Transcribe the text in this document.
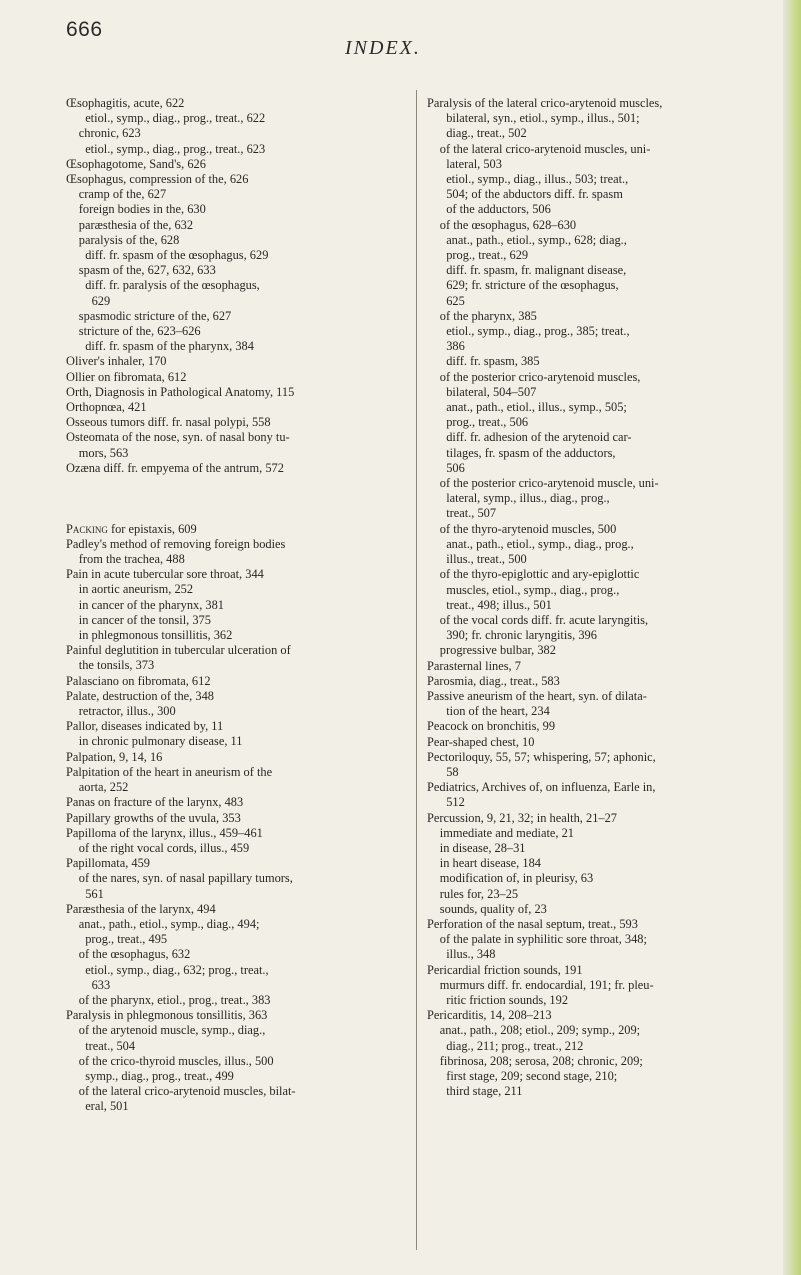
666
INDEX.
Œsophagitis, acute, 622
etiol., symp., diag., prog., treat., 622
chronic, 623
etiol., symp., diag., prog., treat., 623
Œsophagotome, Sand's, 626
Œsophagus, compression of the, 626
cramp of the, 627
foreign bodies in the, 630
paræsthesia of the, 632
paralysis of the, 628
diff. fr. spasm of the œsophagus, 629
spasm of the, 627, 632, 633
diff. fr. paralysis of the œsophagus,
629
spasmodic stricture of the, 627
stricture of the, 623–626
diff. fr. spasm of the pharynx, 384
Oliver's inhaler, 170
Ollier on fibromata, 612
Orth, Diagnosis in Pathological Anatomy, 115
Orthopnœa, 421
Osseous tumors diff. fr. nasal polypi, 558
Osteomata of the nose, syn. of nasal bony tu-
mors, 563
Ozæna diff. fr. empyema of the antrum, 572
Packing for epistaxis, 609
Padley's method of removing foreign bodies
from the trachea, 488
Pain in acute tubercular sore throat, 344
in aortic aneurism, 252
in cancer of the pharynx, 381
in cancer of the tonsil, 375
in phlegmonous tonsillitis, 362
Painful deglutition in tubercular ulceration of
the tonsils, 373
Palasciano on fibromata, 612
Palate, destruction of the, 348
retractor, illus., 300
Pallor, diseases indicated by, 11
in chronic pulmonary disease, 11
Palpation, 9, 14, 16
Palpitation of the heart in aneurism of the
aorta, 252
Panas on fracture of the larynx, 483
Papillary growths of the uvula, 353
Papilloma of the larynx, illus., 459–461
of the right vocal cords, illus., 459
Papillomata, 459
of the nares, syn. of nasal papillary tumors,
561
Paræsthesia of the larynx, 494
anat., path., etiol., symp., diag., 494;
prog., treat., 495
of the œsophagus, 632
etiol., symp., diag., 632; prog., treat.,
633
of the pharynx, etiol., prog., treat., 383
Paralysis in phlegmonous tonsillitis, 363
of the arytenoid muscle, symp., diag.,
treat., 504
of the crico-thyroid muscles, illus., 500
symp., diag., prog., treat., 499
of the lateral crico-arytenoid muscles, bilat-
eral, 501
Paralysis of the lateral crico-arytenoid muscles,
bilateral, syn., etiol., symp., illus., 501;
diag., treat., 502
of the lateral crico-arytenoid muscles, uni-
lateral, 503
etiol., symp., diag., illus., 503; treat.,
504; of the abductors diff. fr. spasm
of the adductors, 506
of the œsophagus, 628–630
anat., path., etiol., symp., 628; diag.,
prog., treat., 629
diff. fr. spasm, fr. malignant disease,
629; fr. stricture of the œsophagus,
625
of the pharynx, 385
etiol., symp., diag., prog., 385; treat.,
386
diff. fr. spasm, 385
of the posterior crico-arytenoid muscles,
bilateral, 504–507
anat., path., etiol., illus., symp., 505;
prog., treat., 506
diff. fr. adhesion of the arytenoid car-
tilages, fr. spasm of the adductors,
506
of the posterior crico-arytenoid muscle, uni-
lateral, symp., illus., diag., prog.,
treat., 507
of the thyro-arytenoid muscles, 500
anat., path., etiol., symp., diag., prog.,
illus., treat., 500
of the thyro-epiglottic and ary-epiglottic
muscles, etiol., symp., diag., prog.,
treat., 498; illus., 501
of the vocal cords diff. fr. acute laryngitis,
390; fr. chronic laryngitis, 396
progressive bulbar, 382
Parasternal lines, 7
Parosmia, diag., treat., 583
Passive aneurism of the heart, syn. of dilata-
tion of the heart, 234
Peacock on bronchitis, 99
Pear-shaped chest, 10
Pectoriloquy, 55, 57; whispering, 57; aphonic,
58
Pediatrics, Archives of, on influenza, Earle in,
512
Percussion, 9, 21, 32; in health, 21–27
immediate and mediate, 21
in disease, 28–31
in heart disease, 184
modification of, in pleurisy, 63
rules for, 23–25
sounds, quality of, 23
Perforation of the nasal septum, treat., 593
of the palate in syphilitic sore throat, 348;
illus., 348
Pericardial friction sounds, 191
murmurs diff. fr. endocardial, 191; fr. pleu-
ritic friction sounds, 192
Pericarditis, 14, 208–213
anat., path., 208; etiol., 209; symp., 209;
diag., 211; prog., treat., 212
fibrinosa, 208; serosa, 208; chronic, 209;
first stage, 209; second stage, 210;
third stage, 211
